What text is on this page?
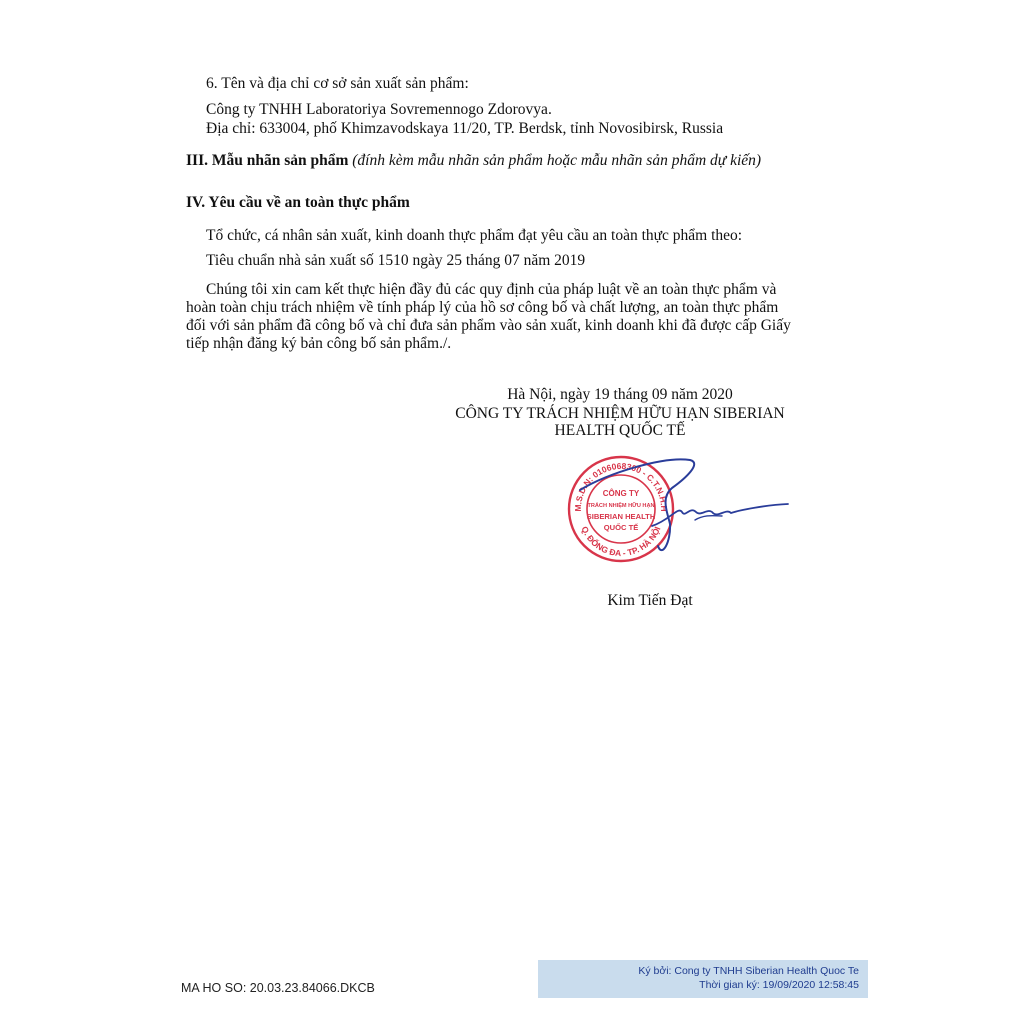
6. Tên và địa chỉ cơ sở sản xuất sản phẩm:
Công ty TNHH Laboratoriya Sovremennogo Zdorovya.
Địa chỉ: 633004, phố Khimzavodskaya 11/20, TP. Berdsk, tỉnh Novosibirsk, Russia
III. Mẫu nhãn sản phẩm (đính kèm mẫu nhãn sản phẩm hoặc mẫu nhãn sản phẩm dự kiến)
IV. Yêu cầu về an toàn thực phẩm
Tổ chức, cá nhân sản xuất, kinh doanh thực phẩm đạt yêu cầu an toàn thực phẩm theo:
Tiêu chuẩn nhà sản xuất số 1510 ngày 25 tháng 07 năm 2019
Chúng tôi xin cam kết thực hiện đầy đủ các quy định của pháp luật về an toàn thực phẩm và
hoàn toàn chịu trách nhiệm về tính pháp lý của hồ sơ công bố và chất lượng, an toàn thực phẩm
đối với sản phẩm đã công bố và chỉ đưa sản phẩm vào sản xuất, kinh doanh khi đã được cấp Giấy
tiếp nhận đăng ký bản công bố sản phẩm./.
Hà Nội, ngày 19 tháng 09 năm 2020
CÔNG TY TRÁCH NHIỆM HỮU HẠN SIBERIAN
HEALTH QUỐC TẾ
M.S.D.N: 0106068300 - C.T.N.H.H
Q. ĐỐNG ĐA - TP. HÀ NỘI
CÔNG TY
TRÁCH NHIỆM HỮU HẠN
SIBERIAN HEALTH
QUỐC TẾ
Kim Tiến Đạt
MA HO SO: 20.03.23.84066.DKCB
Ký bởi: Cong ty TNHH Siberian Health Quoc Te
Thời gian ký: 19/09/2020 12:58:45
